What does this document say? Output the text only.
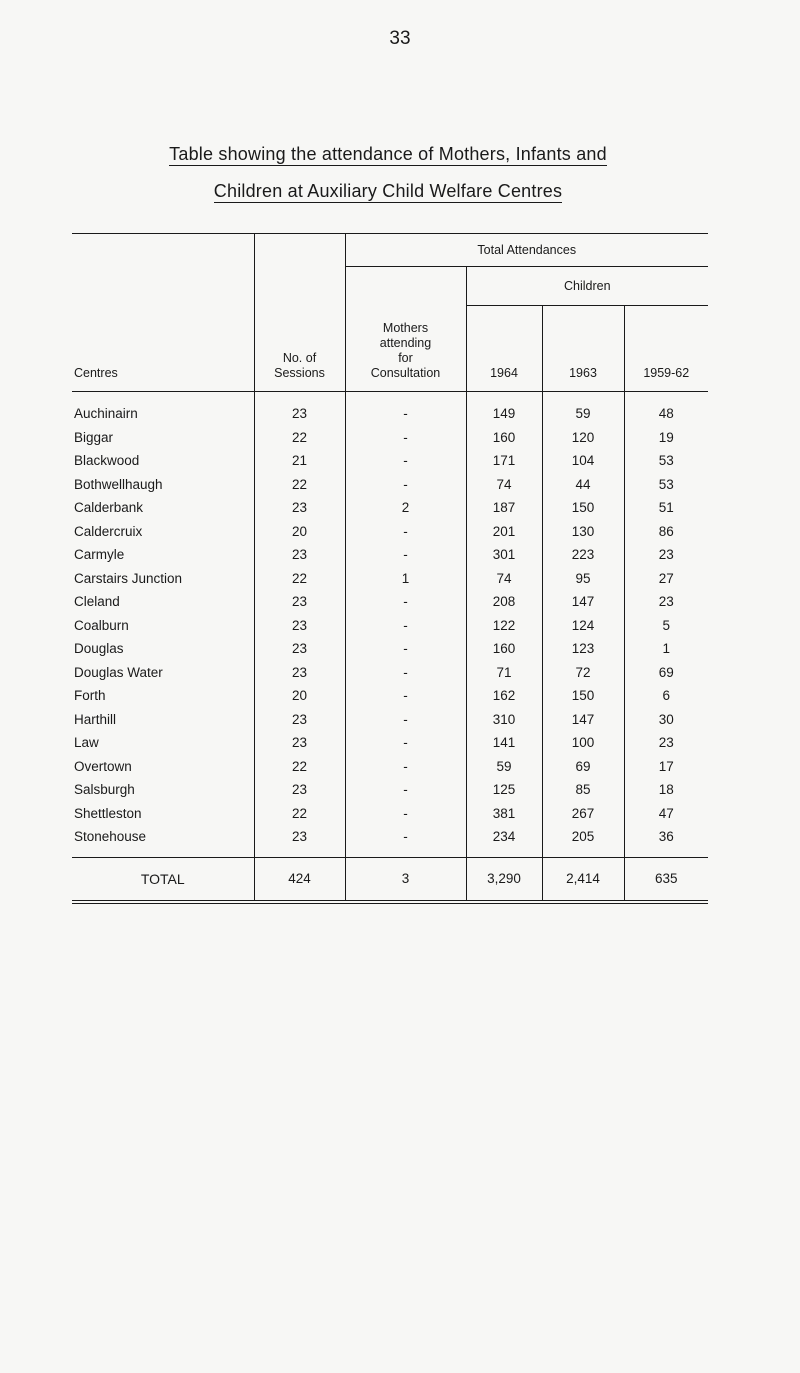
33
Table showing the attendance of Mothers, Infants and
Children at Auxiliary Child Welfare Centres
Centres	No. of
Sessions	Total Attendances			
		Mothers
attending
for
Consultation	Children		
			1964	1963	1959-62
Auchinairn	23	-	149	59	48
Biggar	22	-	160	120	19
Blackwood	21	-	171	104	53
Bothwellhaugh	22	-	74	44	53
Calderbank	23	2	187	150	51
Caldercruix	20	-	201	130	86
Carmyle	23	-	301	223	23
Carstairs Junction	22	1	74	95	27
Cleland	23	-	208	147	23
Coalburn	23	-	122	124	5
Douglas	23	-	160	123	1
Douglas Water	23	-	71	72	69
Forth	20	-	162	150	6
Harthill	23	-	310	147	30
Law	23	-	141	100	23
Overtown	22	-	59	69	17
Salsburgh	23	-	125	85	18
Shettleston	22	-	381	267	47
Stonehouse	23	-	234	205	36
TOTAL	424	3	3,290	2,414	635
